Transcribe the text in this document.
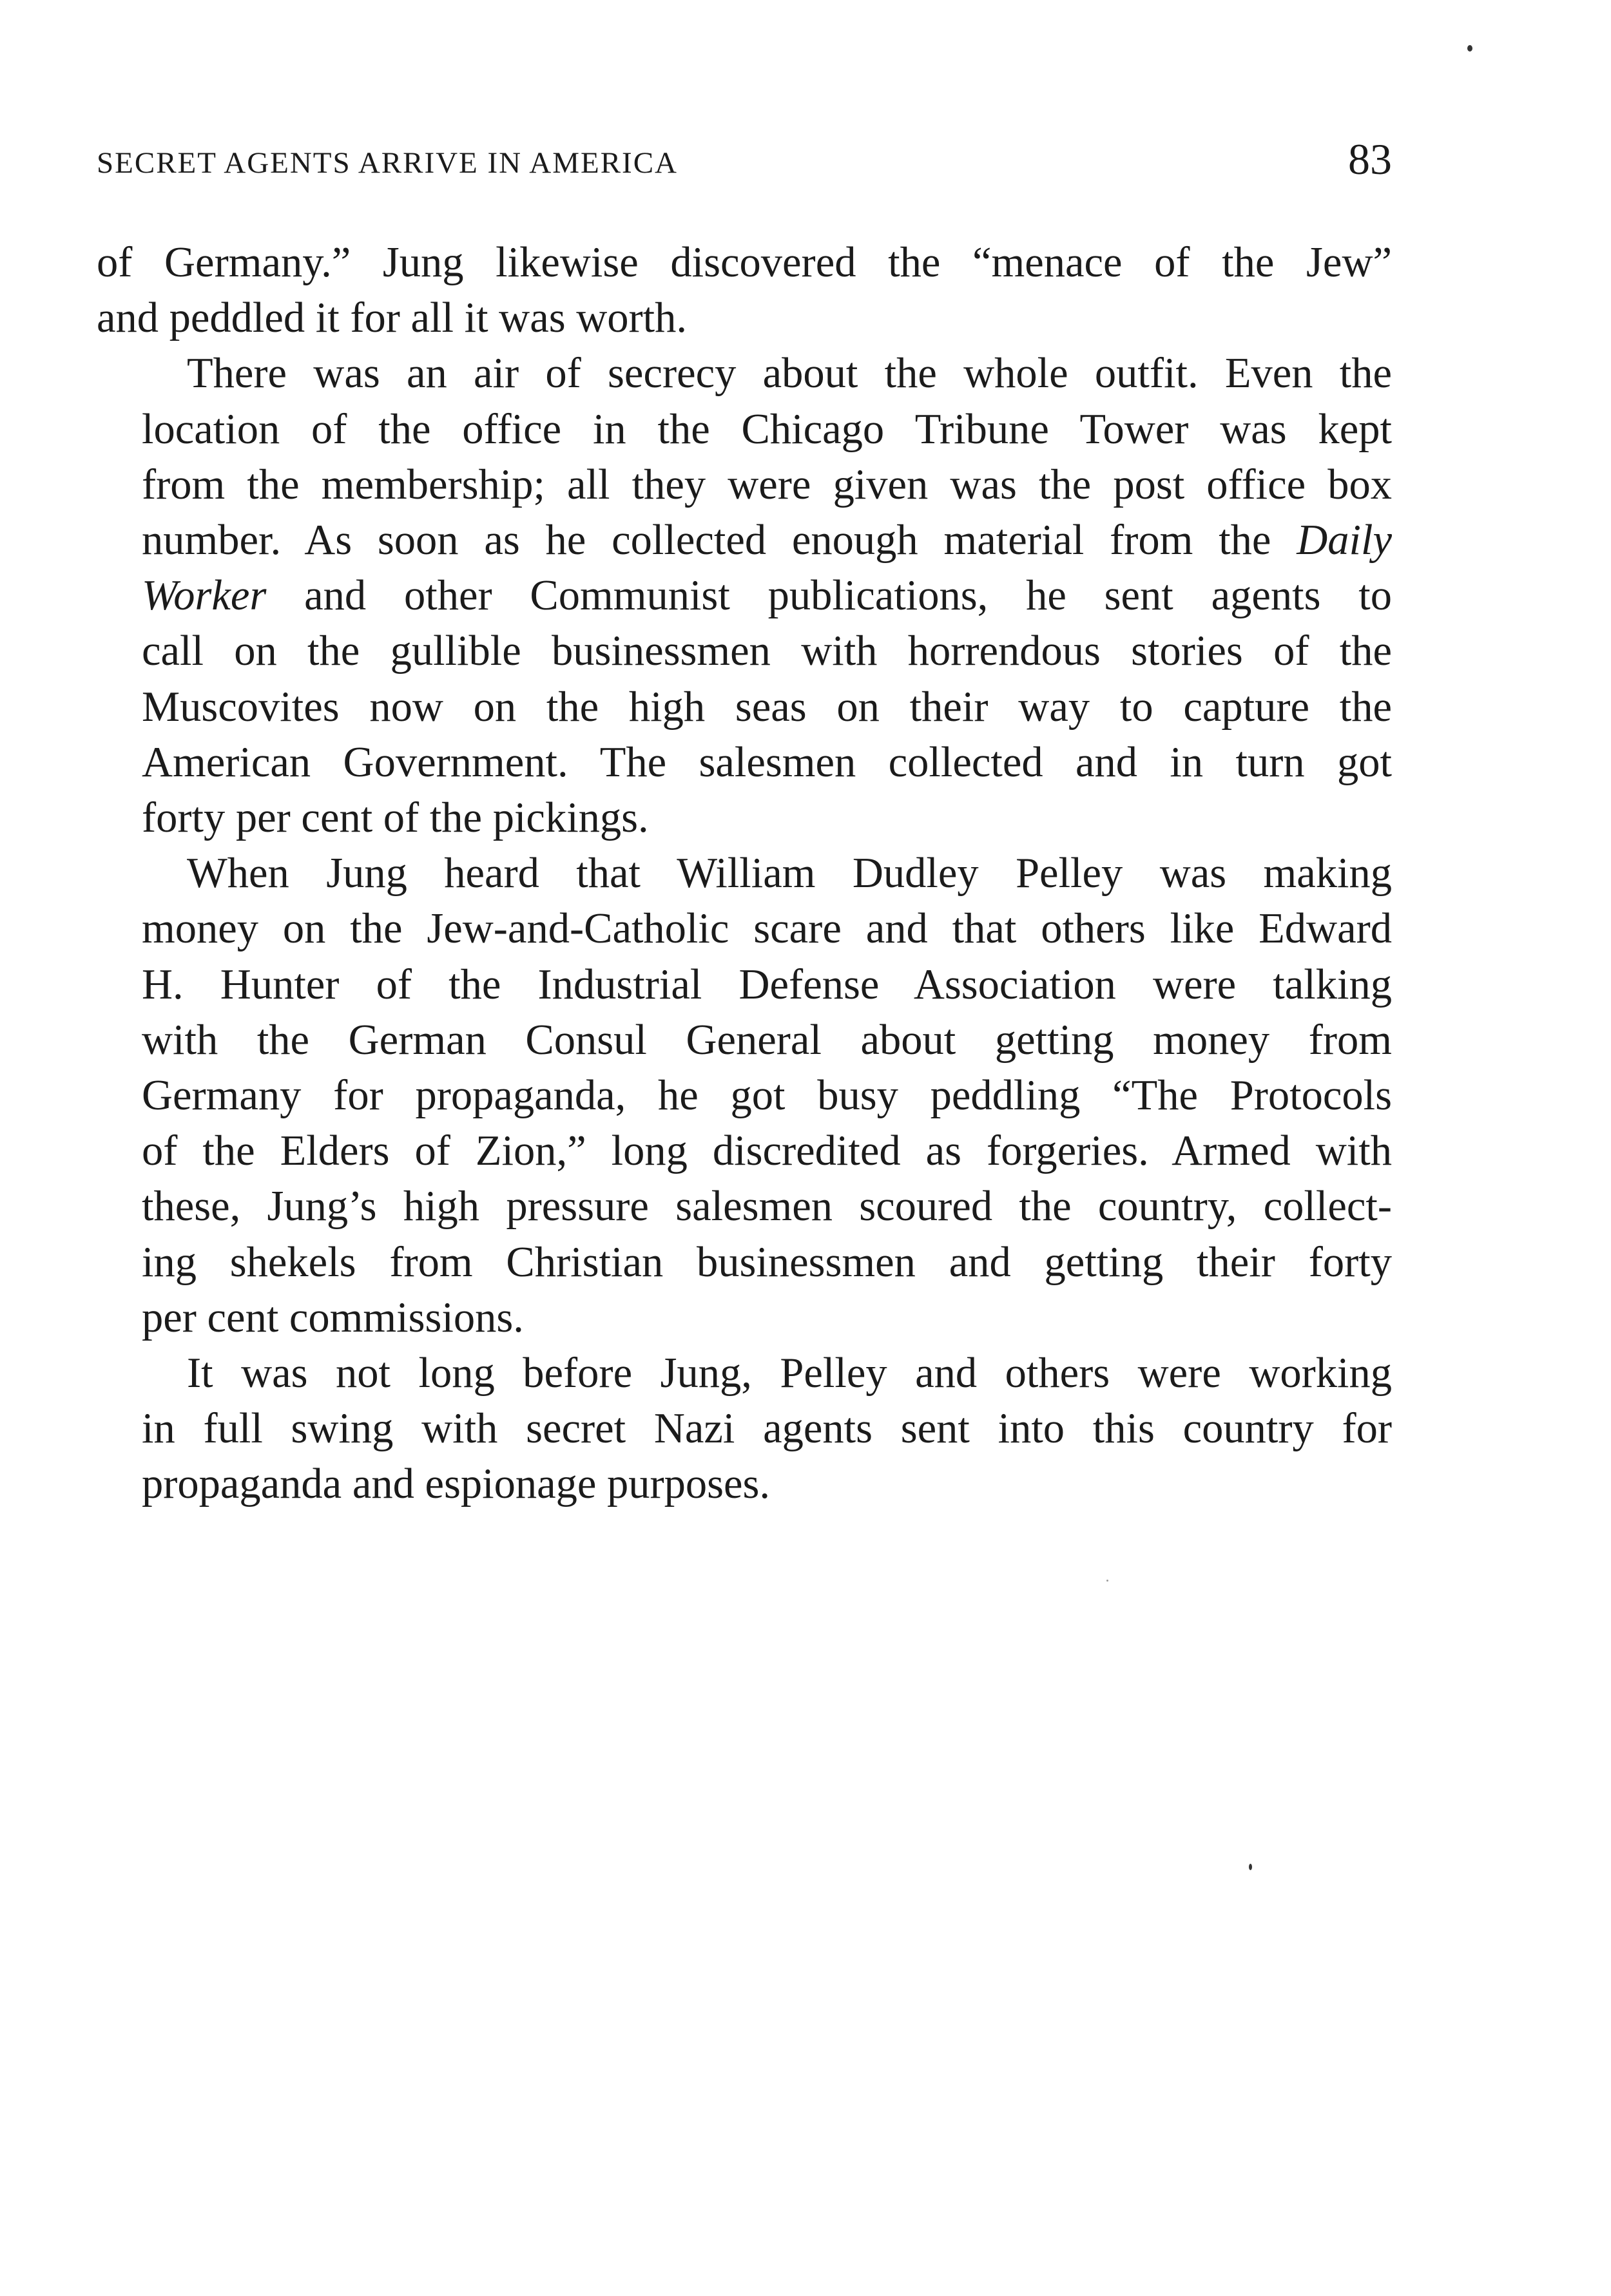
SECRET AGENTS ARRIVE IN AMERICA	83
of Germany.” Jung likewise discovered the “menace of the Jew”
and peddled it for all it was worth.
There was an air of secrecy about the whole outfit. Even the
location of the office in the Chicago Tribune Tower was kept
from the membership; all they were given was the post office box
number. As soon as he collected enough material from the Daily
Worker and other Communist publications, he sent agents to
call on the gullible businessmen with horrendous stories of the
Muscovites now on the high seas on their way to capture the
American Government. The salesmen collected and in turn got
forty per cent of the pickings.
When Jung heard that William Dudley Pelley was making
money on the Jew-and-Catholic scare and that others like Edward
H. Hunter of the Industrial Defense Association were talking
with the German Consul General about getting money from
Germany for propaganda, he got busy peddling “The Protocols
of the Elders of Zion,” long discredited as forgeries. Armed with
these, Jung’s high pressure salesmen scoured the country, collect-
ing shekels from Christian businessmen and getting their forty
per cent commissions.
It was not long before Jung, Pelley and others were working
in full swing with secret Nazi agents sent into this country for
propaganda and espionage purposes.
